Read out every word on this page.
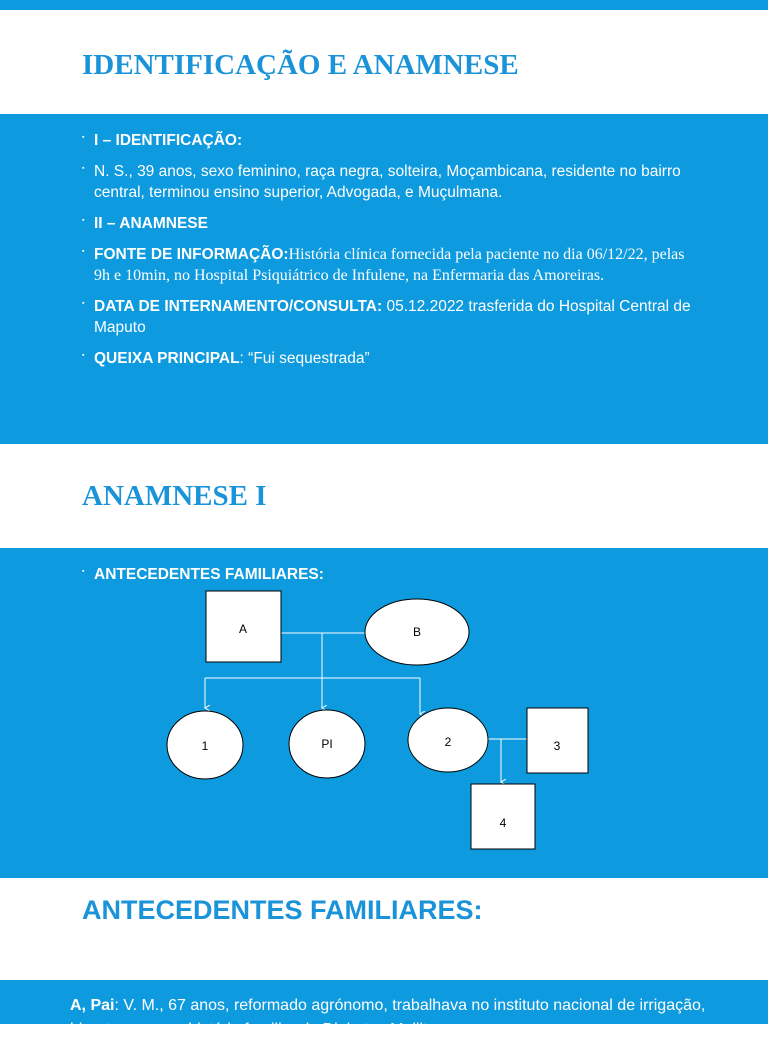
IDENTIFICAÇÃO E ANAMNESE
▪ I – IDENTIFICAÇÃO:
▪ N. S., 39 anos, sexo feminino, raça negra, solteira, Moçambicana, residente no bairro central, terminou ensino superior, Advogada, e Muçulmana.
▪ II – ANAMNESE
▪ FONTE DE INFORMAÇÃO:História clínica fornecida pela paciente no dia 06/12/22, pelas 9h e 10min, no Hospital Psiquiátrico de Infulene, na Enfermaria das Amoreiras.
▪ DATA DE INTERNAMENTO/CONSULTA: 05.12.2022 trasferida do Hospital Central de Maputo
▪ QUEIXA PRINCIPAL: “Fui sequestrada”
ANAMNESE I
▪ ANTECEDENTES FAMILIARES:
A	B
1	PI	2	3
4
ANTECEDENTES FAMILIARES:

A, Pai: V. M., 67 anos, reformado agrónomo, trabalhava no instituto nacional de irrigação, hipertenso, sem história familiar de Diabetes Mellitus e sem
